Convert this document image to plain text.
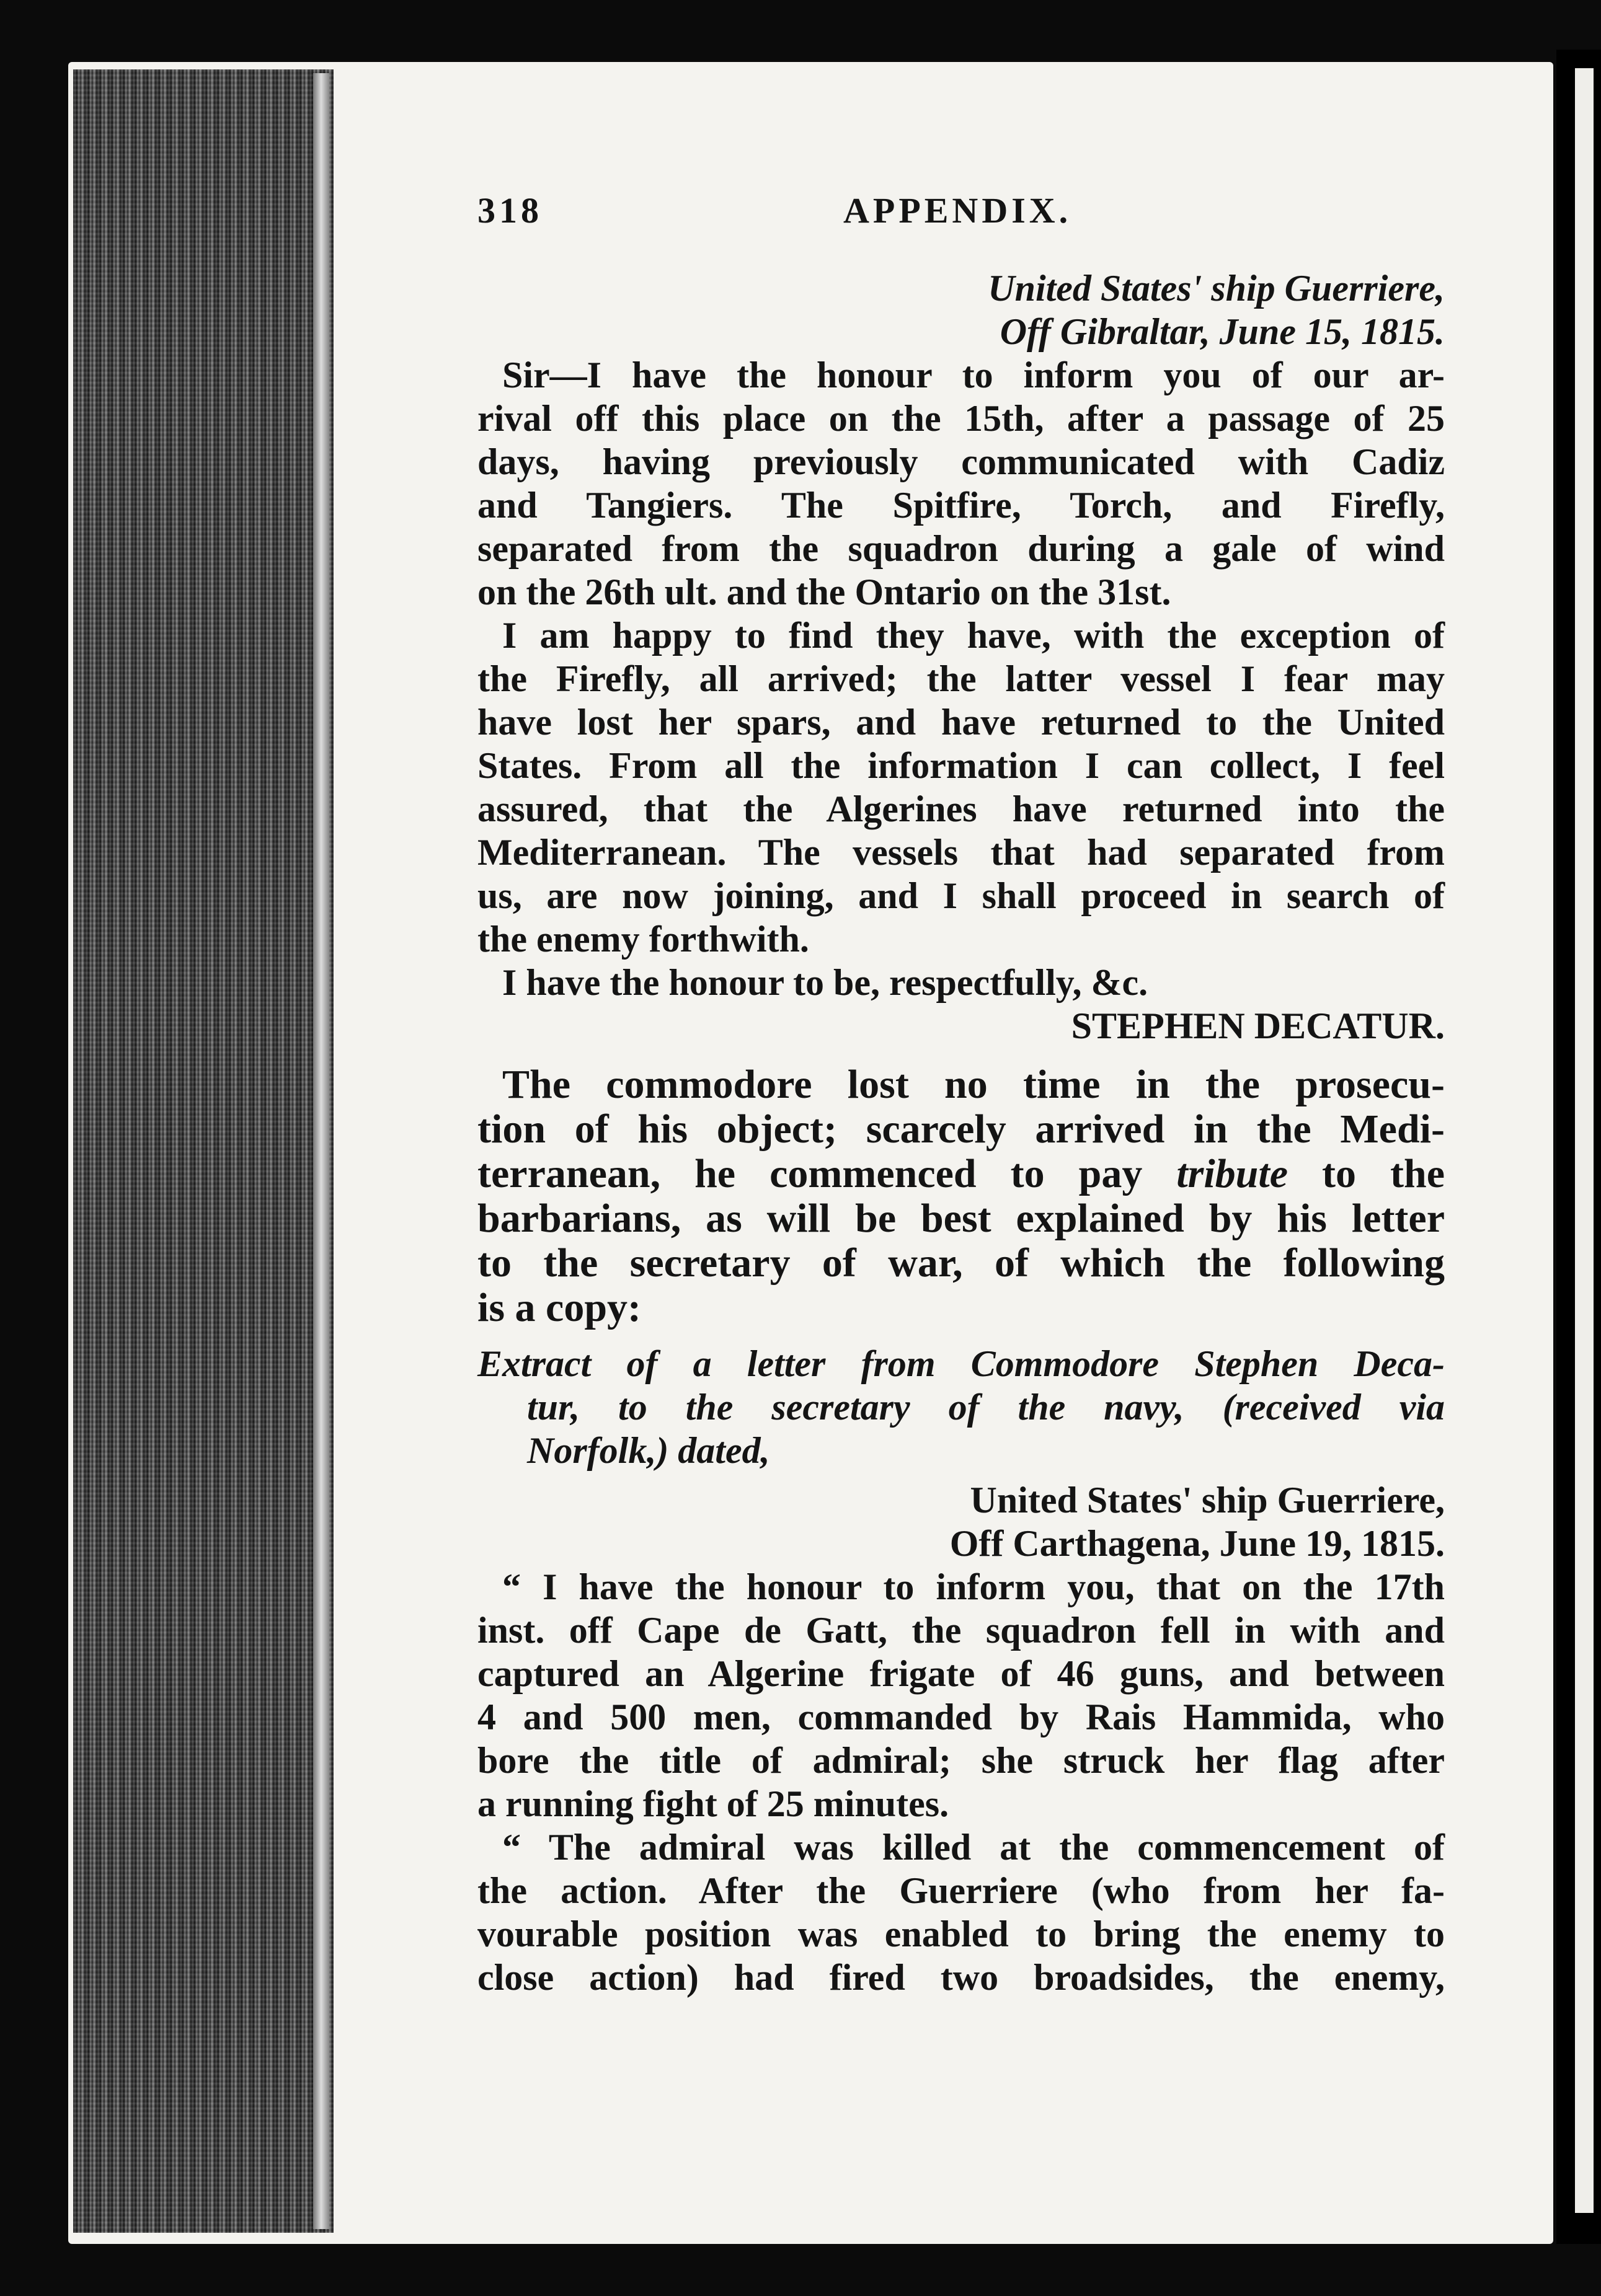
318	APPENDIX.
United States' ship Guerriere,
Off Gibraltar, June 15, 1815.
Sir—I have the honour to inform you of our ar-
rival off this place on the 15th, after a passage of 25
days, having previously communicated with Cadiz
and Tangiers. The Spitfire, Torch, and Firefly,
separated from the squadron during a gale of wind
on the 26th ult. and the Ontario on the 31st.
I am happy to find they have, with the exception of
the Firefly, all arrived; the latter vessel I fear may
have lost her spars, and have returned to the United
States. From all the information I can collect, I feel
assured, that the Algerines have returned into the
Mediterranean. The vessels that had separated from
us, are now joining, and I shall proceed in search of
the enemy forthwith.
I have the honour to be, respectfully, &c.
STEPHEN DECATUR.
The commodore lost no time in the prosecu-
tion of his object; scarcely arrived in the Medi-
terranean, he commenced to pay tribute to the
barbarians, as will be best explained by his letter
to the secretary of war, of which the following
is a copy:
Extract of a letter from Commodore Stephen Deca-
tur, to the secretary of the navy, (received via
Norfolk,) dated,
United States' ship Guerriere,
Off Carthagena, June 19, 1815.
“ I have the honour to inform you, that on the 17th
inst. off Cape de Gatt, the squadron fell in with and
captured an Algerine frigate of 46 guns, and between
4 and 500 men, commanded by Rais Hammida, who
bore the title of admiral; she struck her flag after
a running fight of 25 minutes.
“ The admiral was killed at the commencement of
the action. After the Guerriere (who from her fa-
vourable position was enabled to bring the enemy to
close action) had fired two broadsides, the enemy,
